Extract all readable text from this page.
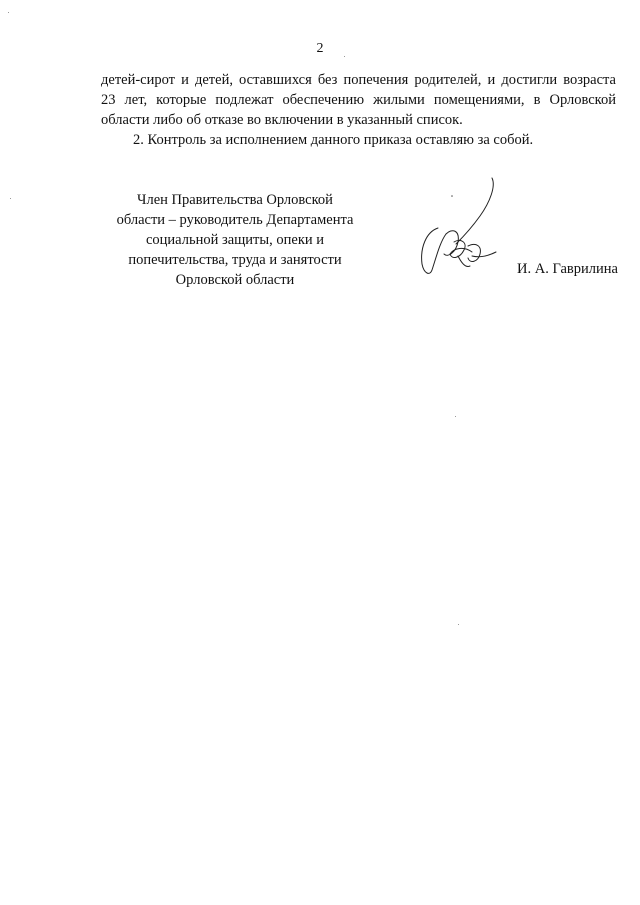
2

детей-сирот и детей, оставшихся без попечения родителей, и достигли возраста

23 лет, которые подлежат обеспечению жилыми помещениями, в Орловской

области либо об отказе во включении в указанный список.

2. Контроль за исполнением данного приказа оставляю за собой.

Член Правительства Орловской
области – руководитель Департамента
социальной защиты, опеки и
попечительства, труда и занятости
Орловской области
И. А. Гаврилина
